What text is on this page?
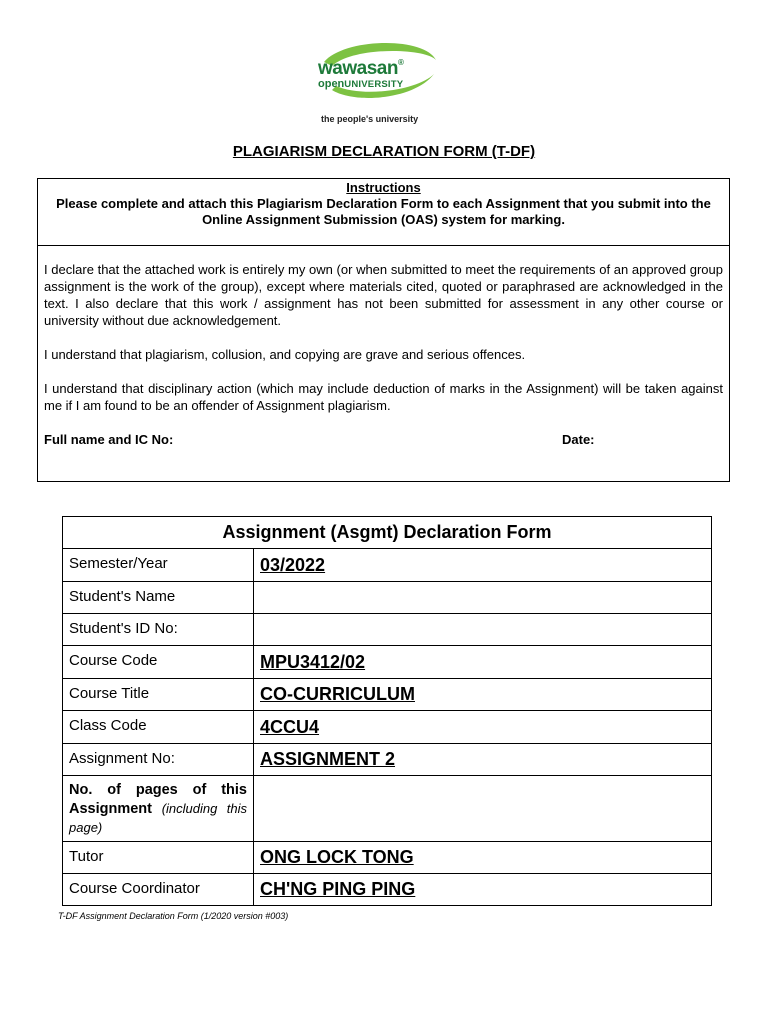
wawasan®
openUNIVERSITY
the people's university
PLAGIARISM DECLARATION FORM (T-DF)
Instructions
Please complete and attach this Plagiarism Declaration Form to each Assignment that you submit into the Online Assignment Submission (OAS) system for marking.

I declare that the attached work is entirely my own (or when submitted to meet the requirements of an approved group assignment is the work of the group), except where materials cited, quoted or paraphrased are acknowledged in the text. I also declare that this work / assignment has not been submitted for assessment in any other course or university without due acknowledgement.

I understand that plagiarism, collusion, and copying are grave and serious offences.

I understand that disciplinary action (which may include deduction of marks in the Assignment) will be taken against me if I am found to be an offender of Assignment plagiarism.

Full name and IC No:	Date:
Assignment (Asgmt) Declaration Form	
Semester/Year	03/2022
Student's Name	
Student's ID No:	
Course Code	MPU3412/02
Course Title	CO-CURRICULUM
Class Code	4CCU4
Assignment No:	ASSIGNMENT 2
No. of pages of this Assignment (including this page)	
Tutor	ONG LOCK TONG
Course Coordinator	CH'NG PING PING
T-DF Assignment Declaration Form (1/2020 version #003)
